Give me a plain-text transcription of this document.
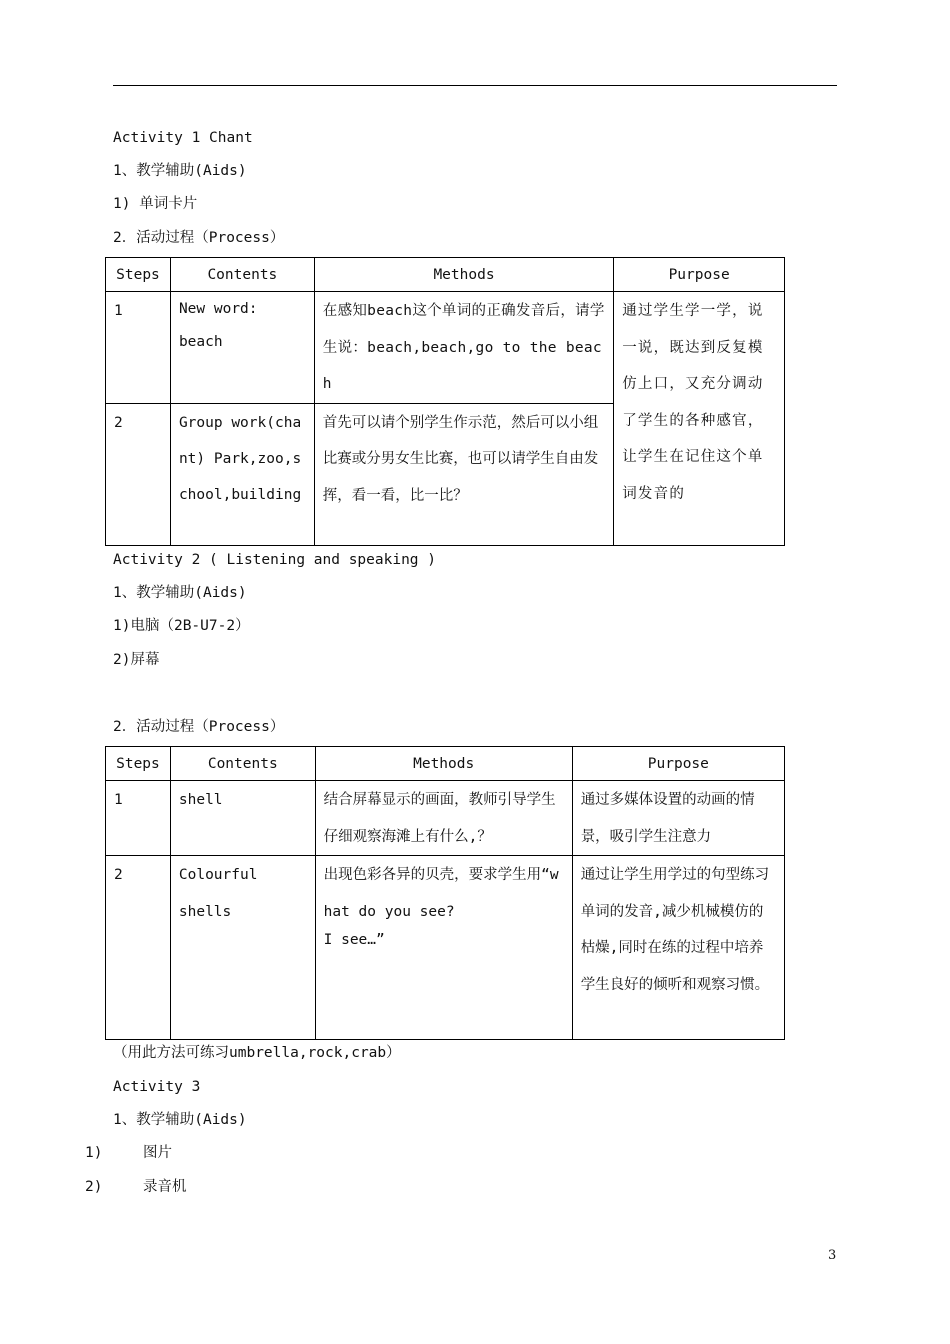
Activity 1 Chant
1、教学辅助(Aids)
1) 单词卡片
2．活动过程（Process）
Steps	Contents	Methods	Purpose
1	New word: beach	在感知beach这个单词的正确发音后，请学生说：beach,beach,go to the beach	通过学生学一学，说一说，既达到反复模仿上口，又充分调动了学生的各种感官，让学生在记住这个单词发音的
2	Group work(chant) Park,zoo,school,building	首先可以请个别学生作示范，然后可以小组比赛或分男女生比赛，也可以请学生自由发挥，看一看，比一比？	
Activity 2 ( Listening and speaking )
1、教学辅助(Aids)
1)电脑（2B-U7-2）
2)屏幕
2．活动过程（Process）
Steps	Contents	Methods	Purpose
1	shell	结合屏幕显示的画面，教师引导学生仔细观察海滩上有什么,？	通过多媒体设置的动画的情景，吸引学生注意力
2	Colourful shells	出现色彩各异的贝壳，要求学生用“what do you see?
I see…”	通过让学生用学过的句型练习单词的发音,减少机械模仿的枯燥,同时在练的过程中培养学生良好的倾听和观察习惯。
（用此方法可练习umbrella,rock,crab）
Activity 3
1、教学辅助(Aids)
1)	图片
2)	录音机
3
